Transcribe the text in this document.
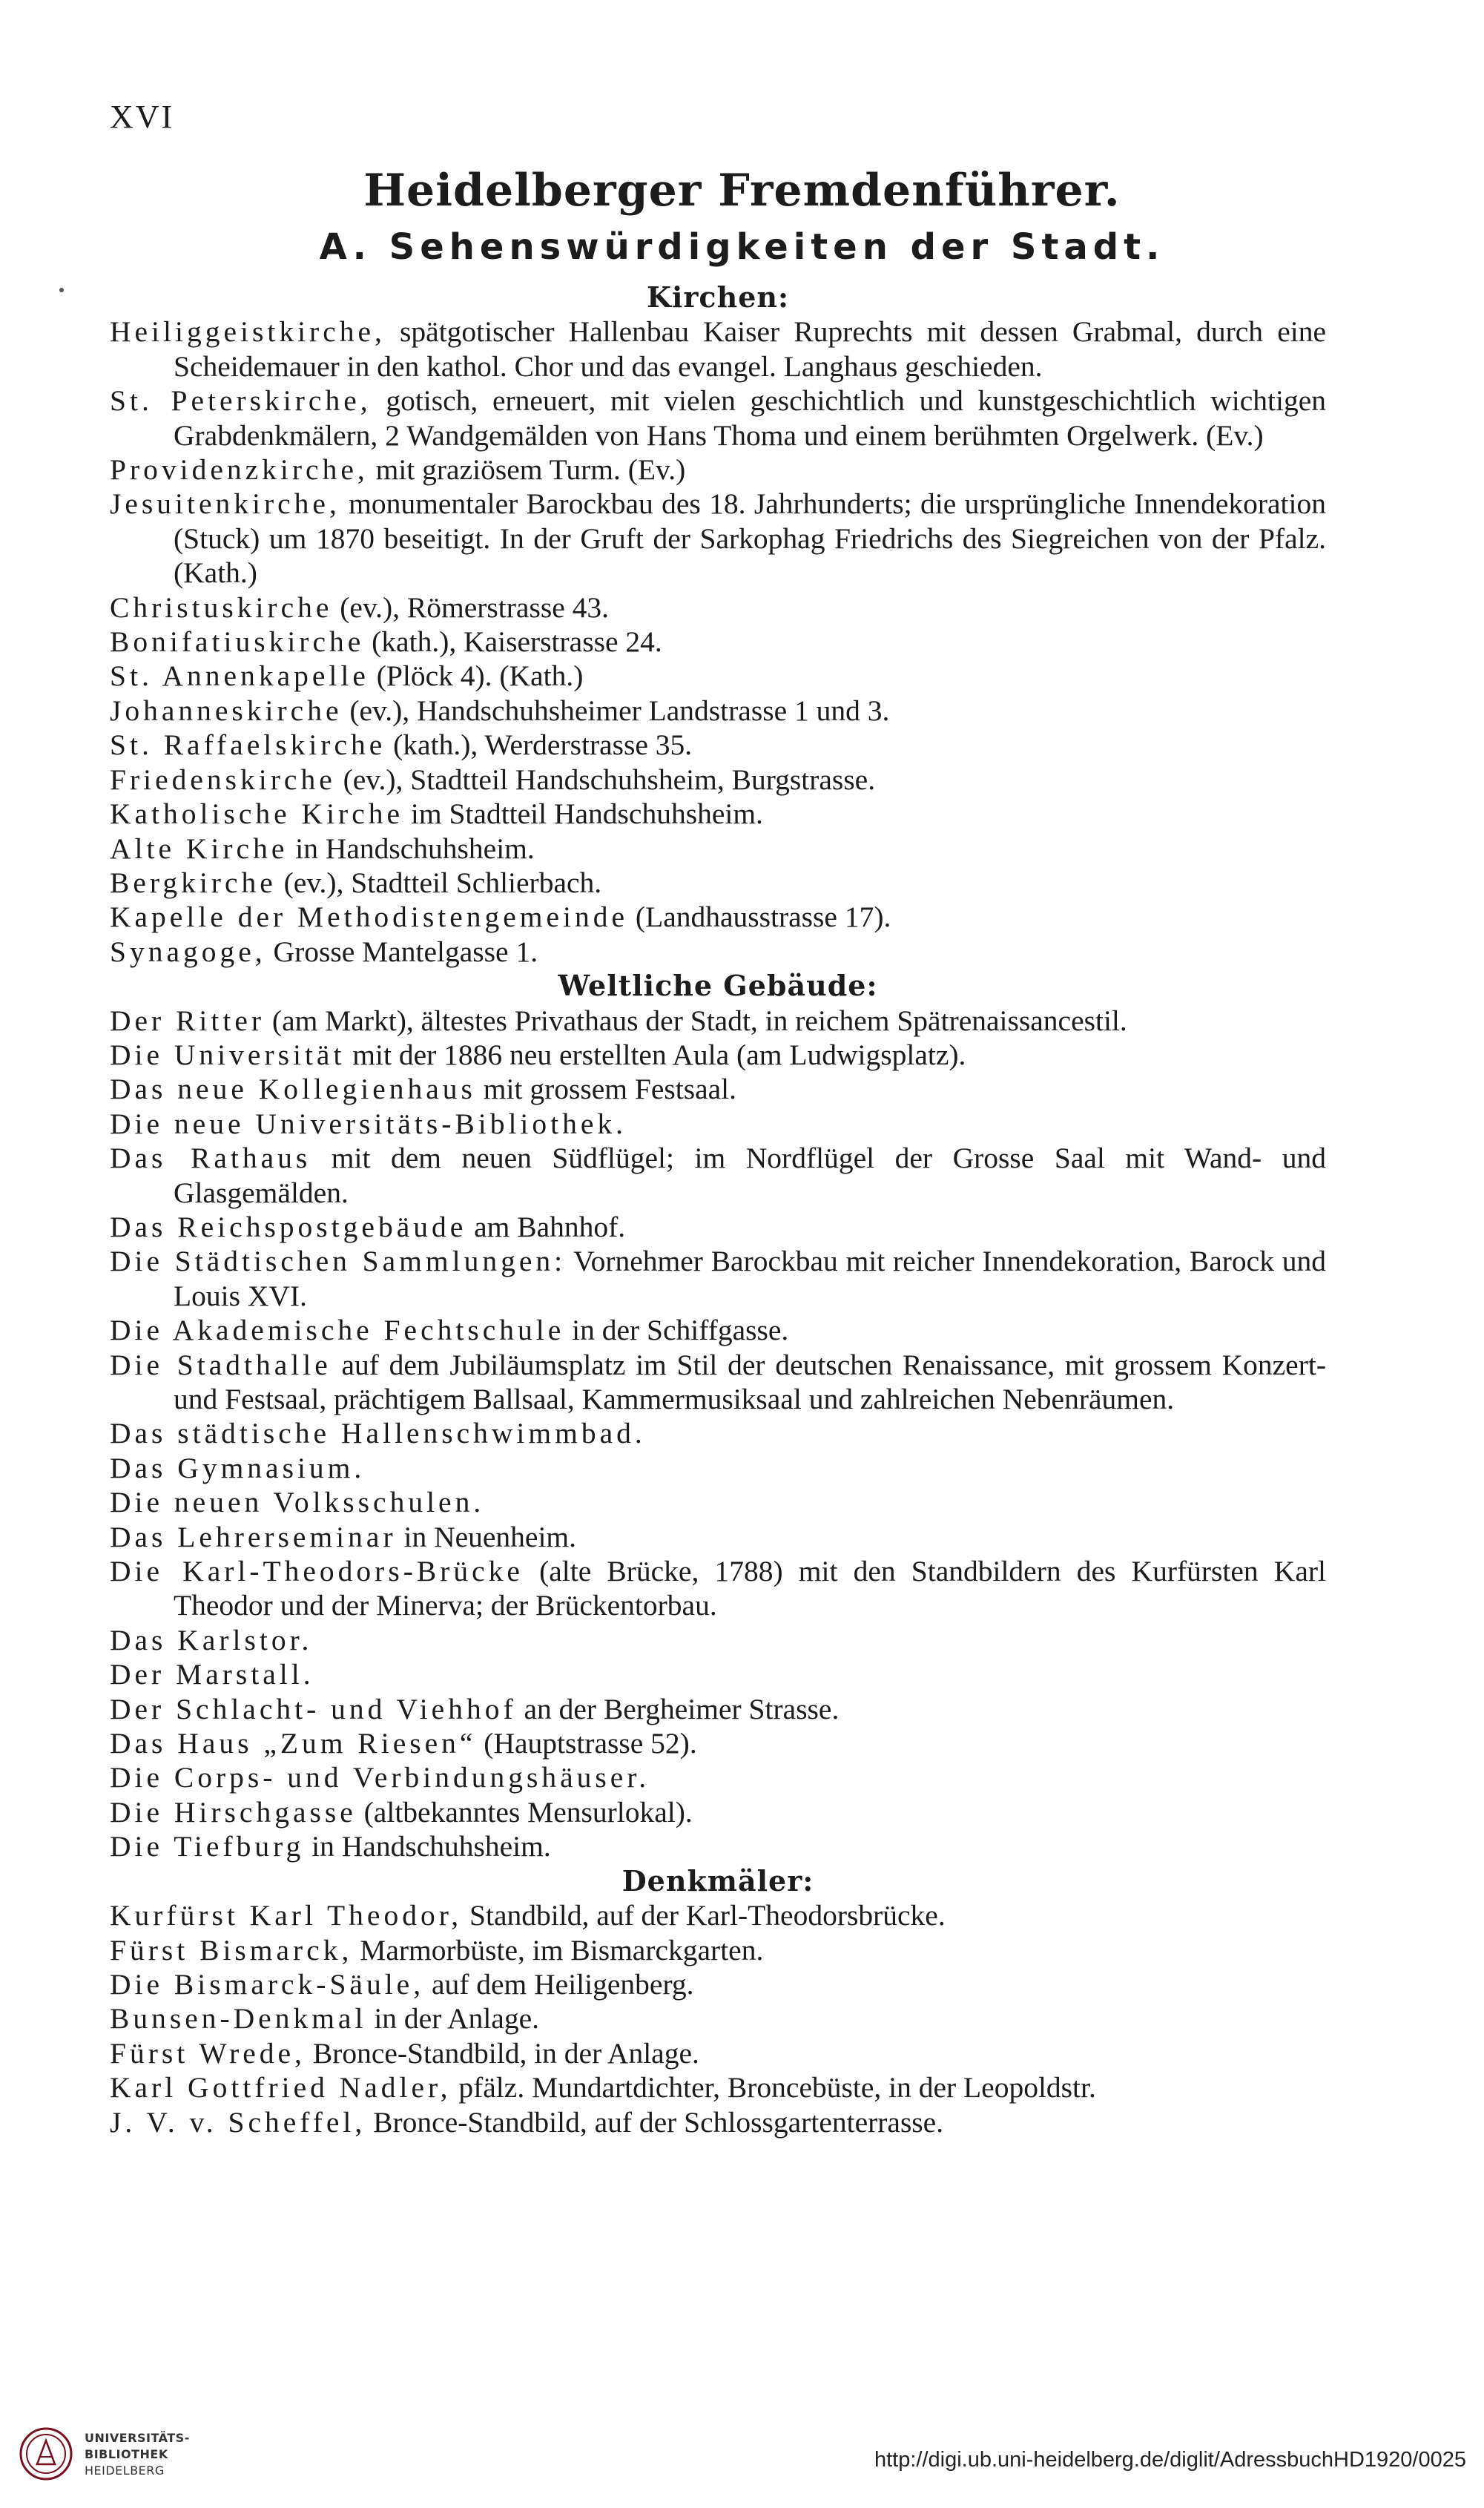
XVI
Heidelberger Fremdenführer.
A. Sehenswürdigkeiten der Stadt.
Kirchen:
Heiliggeistkirche, spätgotischer Hallenbau Kaiser Ruprechts mit dessen Grabmal, durch eine Scheidemauer in den kathol. Chor und das evangel. Langhaus geschieden.
St. Peterskirche, gotisch, erneuert, mit vielen geschichtlich und kunstgeschichtlich wichtigen Grabdenkmälern, 2 Wandgemälden von Hans Thoma und einem berühmten Orgelwerk. (Ev.)
Providenzkirche, mit graziösem Turm. (Ev.)
Jesuitenkirche, monumentaler Barockbau des 18. Jahrhunderts; die ursprüngliche Innendekoration (Stuck) um 1870 beseitigt. In der Gruft der Sarkophag Friedrichs des Siegreichen von der Pfalz. (Kath.)
Christuskirche (ev.), Römerstrasse 43.
Bonifatiuskirche (kath.), Kaiserstrasse 24.
St. Annenkapelle (Plöck 4). (Kath.)
Johanneskirche (ev.), Handschuhsheimer Landstrasse 1 und 3.
St. Raffaelskirche (kath.), Werderstrasse 35.
Friedenskirche (ev.), Stadtteil Handschuhsheim, Burgstrasse.
Katholische Kirche im Stadtteil Handschuhsheim.
Alte Kirche in Handschuhsheim.
Bergkirche (ev.), Stadtteil Schlierbach.
Kapelle der Methodistengemeinde (Landhausstrasse 17).
Synagoge, Grosse Mantelgasse 1.
Weltliche Gebäude:
Der Ritter (am Markt), ältestes Privathaus der Stadt, in reichem Spätrenaissancestil.
Die Universität mit der 1886 neu erstellten Aula (am Ludwigsplatz).
Das neue Kollegienhaus mit grossem Festsaal.
Die neue Universitäts-Bibliothek.
Das Rathaus mit dem neuen Südflügel; im Nordflügel der Grosse Saal mit Wand- und Glasgemälden.
Das Reichspostgebäude am Bahnhof.
Die Städtischen Sammlungen: Vornehmer Barockbau mit reicher Innendekoration, Barock und Louis XVI.
Die Akademische Fechtschule in der Schiffgasse.
Die Stadthalle auf dem Jubiläumsplatz im Stil der deutschen Renaissance, mit grossem Konzert- und Festsaal, prächtigem Ballsaal, Kammermusiksaal und zahlreichen Nebenräumen.
Das städtische Hallenschwimmbad.
Das Gymnasium.
Die neuen Volksschulen.
Das Lehrerseminar in Neuenheim.
Die Karl-Theodors-Brücke (alte Brücke, 1788) mit den Standbildern des Kurfürsten Karl Theodor und der Minerva; der Brückentorbau.
Das Karlstor.
Der Marstall.
Der Schlacht- und Viehhof an der Bergheimer Strasse.
Das Haus „Zum Riesen“ (Hauptstrasse 52).
Die Corps- und Verbindungshäuser.
Die Hirschgasse (altbekanntes Mensurlokal).
Die Tiefburg in Handschuhsheim.
Denkmäler:
Kurfürst Karl Theodor, Standbild, auf der Karl-Theodorsbrücke.
Fürst Bismarck, Marmorbüste, im Bismarckgarten.
Die Bismarck-Säule, auf dem Heiligenberg.
Bunsen-Denkmal in der Anlage.
Fürst Wrede, Bronce-Standbild, in der Anlage.
Karl Gottfried Nadler, pfälz. Mundartdichter, Broncebüste, in der Leopoldstr.
J. V. v. Scheffel, Bronce-Standbild, auf der Schlossgartenterrasse.
UNIVERSITÄTS-
BIBLIOTHEK
HEIDELBERG	http://digi.ub.uni-heidelberg.de/diglit/AdressbuchHD1920/0025
